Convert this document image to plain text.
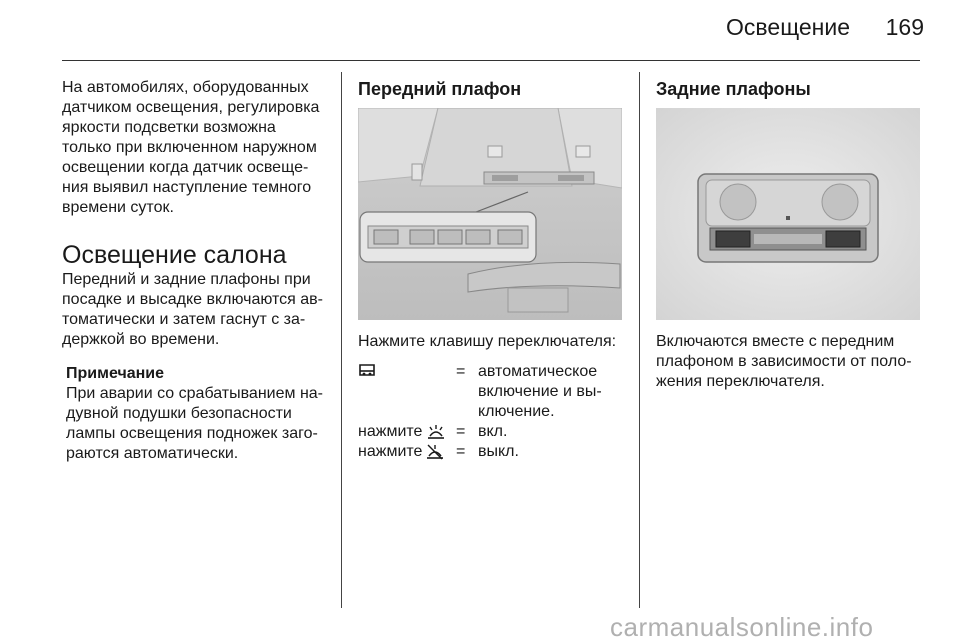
Освещение	169

На автомобилях, оборудованных датчиком освещения, регулировка яркости подсветки возможна только при включенном наружном освещении когда датчик освеще-ния выявил наступление темного времени суток.

Освещение салона

Передний и задние плафоны при посадке и высадке включаются ав-томатически и затем гаснут с за-держкой во времени.

Примечание

При аварии со срабатыванием на-дувной подушки безопасности лампы освещения подножек заго-раются автоматически.

Передний плафон

Нажмите клавишу переключателя:

= автоматическое включение и вы-ключение.
нажмите = вкл.
нажмите = выкл.

Задние плафоны

Включаются вместе с передним плафоном в зависимости от поло-жения переключателя.

carmanualsonline.info
